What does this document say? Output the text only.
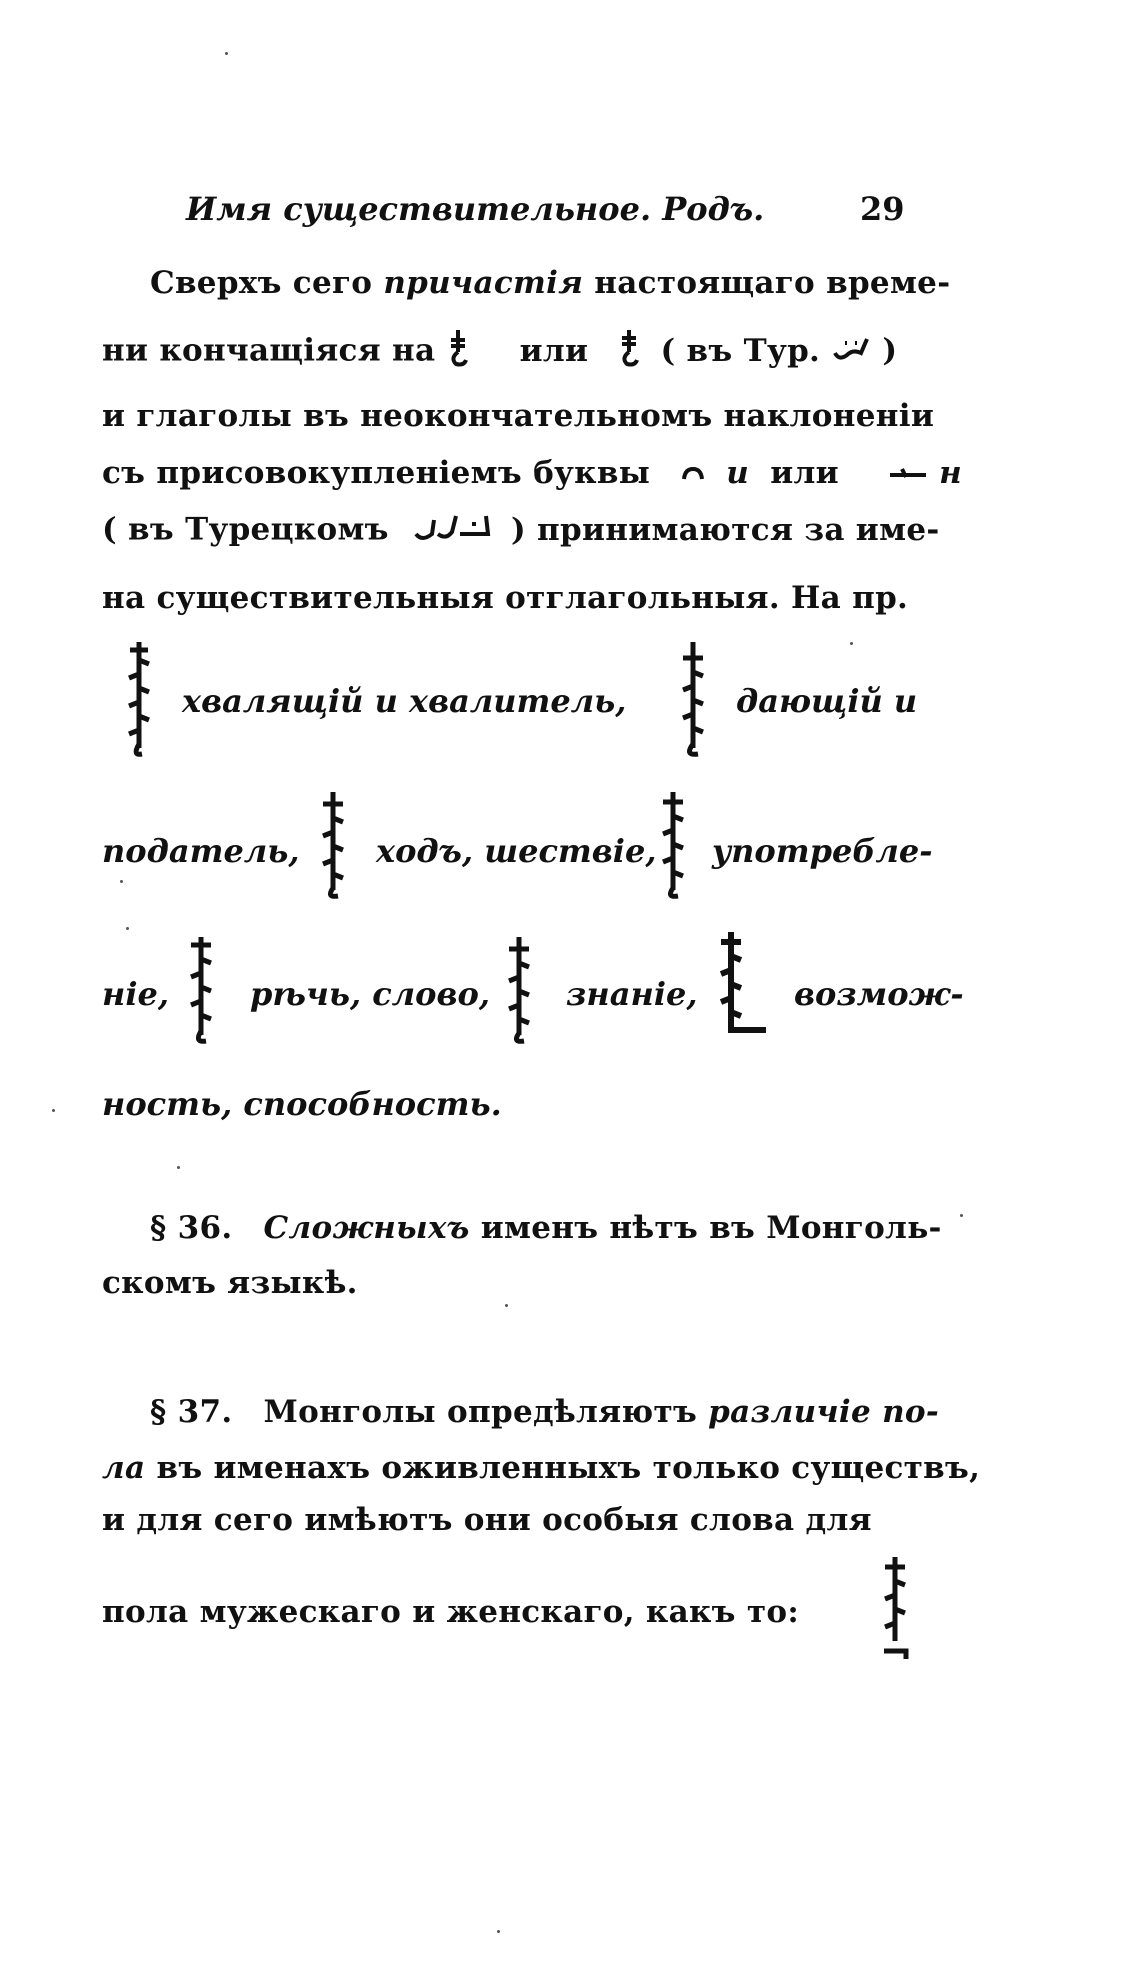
Имя существительное. Родъ.	29
Сверхъ сего причастія настоящаго време-
ни кончащіяся на	или ( въ Тур. )
и глаголы въ неокончательномъ наклоненіи
съ присовокупленіемъ буквы и или	н
( въ Турецкомъ	) принимаются за име-
на существительныя отглагольныя. На пр.
хвалящій и хвалитель,	дающій и
податель, ходъ, шествіе, употребле-
ніе,	рѣчь, слово, знаніе,	возмож-
ность, способность.
§ 36. Сложныхъ именъ нѣтъ въ Монголь-
скомъ языкѣ.
§ 37. Монголы опредѣляютъ различіе по-
ла въ именахъ оживленныхъ только существъ,
и для сего имѣютъ они особыя слова для
пола мужескаго и женскаго, какъ то:
